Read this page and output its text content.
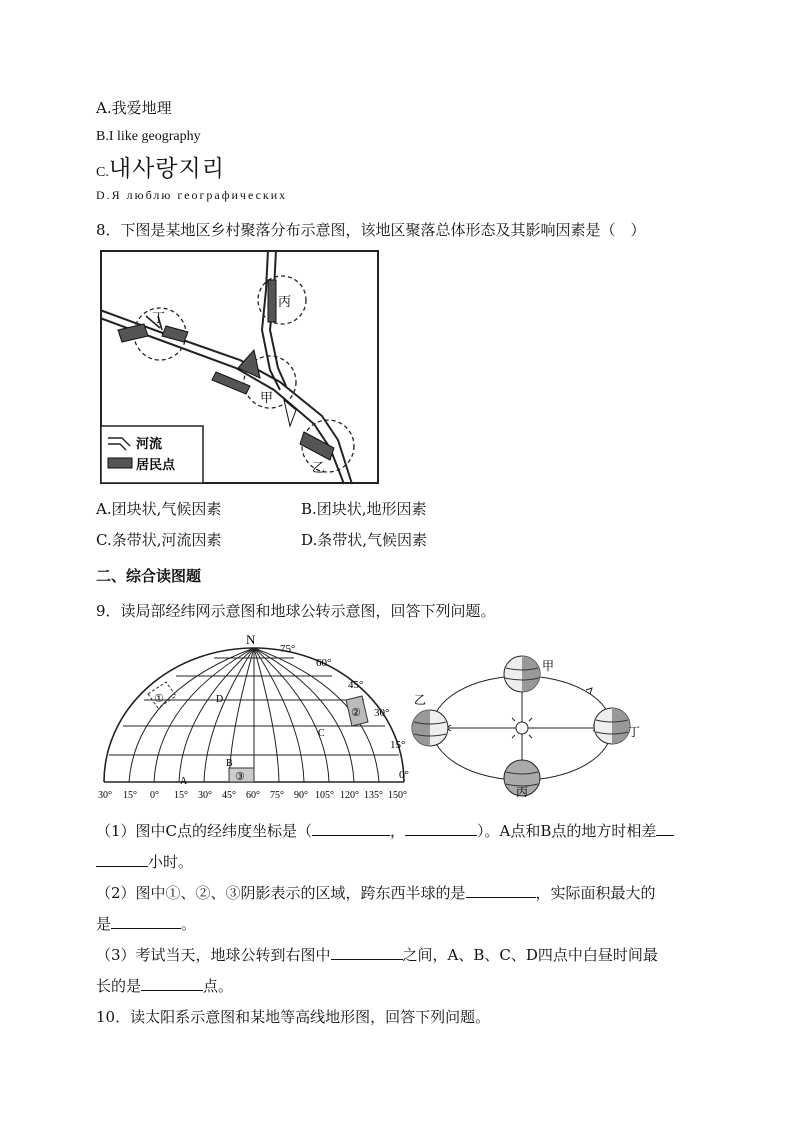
A.我爱地理
B.I like geography
C.내사랑지리
D.Я люблю географических
8．下图是某地区乡村聚落分布示意图，该地区聚落总体形态及其影响因素是（　）
丙
丁
甲
乙
河流
居民点
A.团块状,气候因素	B.团块状,地形因素
C.条带状,河流因素	D.条带状,气候因素
二、综合读图题
9．读局部经纬网示意图和地球公转示意图，回答下列问题。
①
②
③
D
C
B
A
N
75°
60°
45°
30°
15°
0°
30° 15° 0° 15° 30° 45° 60° 75° 90° 105° 120° 135° 150°
甲
乙
丙
丁
（1）图中C点的经纬度坐标是（	，	）。A点和B点的地方时相差
小时。
（2）图中①、②、③阴影表示的区域，跨东西半球的是	，实际面积最大的
是	。
（3）考试当天，地球公转到右图中	之间，A、B、C、D四点中白昼时间最
长的是	点。
10．读太阳系示意图和某地等高线地形图，回答下列问题。
